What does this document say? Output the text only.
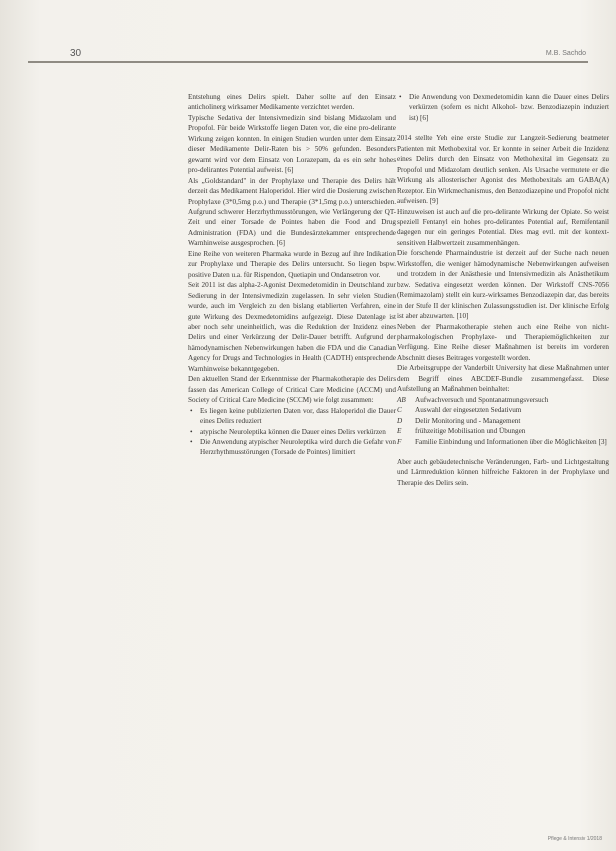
30	M.B. Sachdo

Entstehung eines Delirs spielt. Daher sollte auf den Einsatz anticholinerg wirksamer Medikamente verzichtet werden.

Typische Sedativa der Intensivmedizin sind bislang Midazolam und Propofol. Für beide Wirkstoffe liegen Daten vor, die eine pro-delirante Wirkung zeigen konnten. In einigen Studien wurden unter dem Einsatz dieser Medikamente Delir-Raten bis > 50% gefunden. Besonders gewarnt wird vor dem Einsatz von Lorazepam, da es ein sehr hohes pro-delirantes Potential aufweist. [6]

Als „Goldstandard" in der Prophylaxe und Therapie des Delirs hält derzeit das Medikament Haloperidol. Hier wird die Dosierung zwischen Prophylaxe (3*0,5mg p.o.) und Therapie (3*1,5mg p.o.) unterschieden. Aufgrund schwerer Herzrhythmusstörungen, wie Verlängerung der QT-Zeit und einer Torsade de Pointes haben die Food and Drug Administration (FDA) und die Bundesärztekammer entsprechende Warnhinweise ausgesprochen. [6]

Eine Reihe von weiteren Pharmaka wurde in Bezug auf ihre Indikation zur Prophylaxe und Therapie des Delirs untersucht. So liegen bspw. positive Daten u.a. für Rispendon, Quetiapin und Ondansetron vor.

Seit 2011 ist das alpha-2-Agonist Dexmedetomidin in Deutschland zur Sedierung in der Intensivmedizin zugelassen. In sehr vielen Studien wurde, auch im Vergleich zu den bislang etablierten Verfahren, eine gute Wirkung des Dexmedetomidins aufgezeigt. Diese Datenlage ist aber noch sehr uneinheitlich, was die Reduktion der Inzidenz eines Delirs und einer Verkürzung der Delir-Dauer betrifft. Aufgrund der hämodynamischen Nebenwirkungen haben die FDA und die Canadian Agency for Drugs and Technologies in Health (CADTH) entsprechende Warnhinweise bekanntgegeben.

Den aktuellen Stand der Erkenntnisse der Pharmakotherapie des Delirs fassen das American College of Critical Care Medicine (ACCM) und Society of Critical Care Medicine (SCCM) wie folgt zusammen:

• Es liegen keine publizierten Daten vor, dass Haloperidol die Dauer eines Delirs reduziert
• atypische Neuroleptika können die Dauer eines Delirs verkürzen
• Die Anwendung atypischer Neuroleptika wird durch die Gefahr von Herzrhythmusstörungen (Torsade de Pointes) limitiert
• Die Anwendung von Dexmedetomidin kann die Dauer eines Delirs verkürzen (sofern es nicht Alkohol- bzw. Benzodiazepin induziert ist) [6]

2014 stellte Yeh eine erste Studie zur Langzeit-Sedierung beatmeter Patienten mit Methobexital vor. Er konnte in seiner Arbeit die Inzidenz eines Delirs durch den Einsatz von Methohexital im Gegensatz zu Propofol und Midazolam deutlich senken. Als Ursache vermutete er die Wirkung als allosterischer Agonist des Methobexitals am GABA(A) Rezeptor. Ein Wirkmechanismus, den Benzodiazepine und Propofol nicht aufweisen. [9]

Hinzuweisen ist auch auf die pro-delirante Wirkung der Opiate. So weist speziell Fentanyl ein hohes pro-delirantes Potential auf, Remifentanil dagegen nur ein geringes Potential. Dies mag evtl. mit der kontext-sensitiven Halbwertzeit zusammenhängen.

Die forschende Pharmaindustrie ist derzeit auf der Suche nach neuen Wirkstoffen, die weniger hämodynamische Nebenwirkungen aufweisen und trotzdem in der Anästhesie und Intensivmedizin als Anästhetikum bzw. Sedativa eingesetzt werden können. Der Wirkstoff CNS-7056 (Remimazolam) stellt ein kurz-wirksames Benzodiazepin dar, das bereits in der Stufe II der klinischen Zulassungsstudien ist. Der klinische Erfolg ist aber abzuwarten. [10]

Neben der Pharmakotherapie stehen auch eine Reihe von nicht-pharmakologischen Prophylaxe- und Therapiemöglichkeiten zur Verfügung. Eine Reihe dieser Maßnahmen ist bereits im vorderen Abschnitt dieses Beitrages vorgestellt worden.

Die Arbeitsgruppe der Vanderbilt University hat diese Maßnahmen unter dem Begriff eines ABCDEF-Bundle zusammengefasst. Diese Aufstellung an Maßnahmen beinhaltet:

AB	Aufwachversuch und Spontanatmungsversuch
C	Auswahl der eingesetzten Sedativum
D	Delir Monitoring und - Management
E	frühzeitige Mobilisation und Übungen
F	Familie Einbindung und Informationen über die Möglichkeiten [3]

Aber auch gebäudetechnische Veränderungen, Farb- und Lichtgestaltung und Lärmreduktion können hilfreiche Faktoren in der Prophylaxe und Therapie des Delirs sein.

Pflege & Intensiv 1/2018
